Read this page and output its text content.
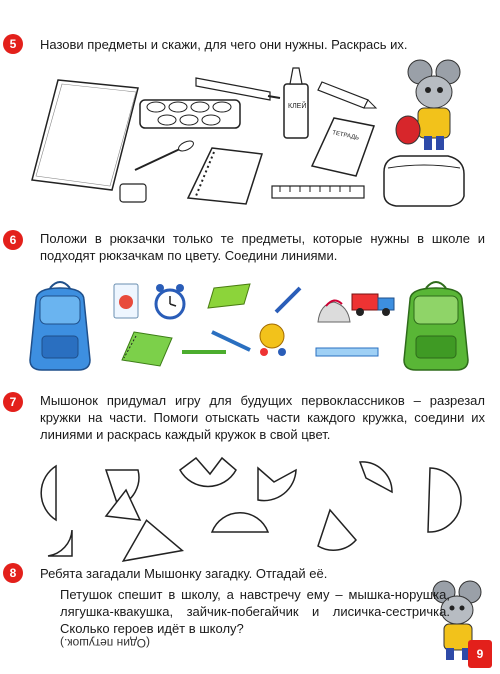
5	Назови предметы и скажи, для чего они нужны. Раскрась их.
КЛЕЙ
ТЕТРАДЬ
6	Положи в рюкзачки только те предметы, которые нужны в школе и подходят рюкзачкам по цвету. Соедини линиями.
7	Мышонок придумал игру для будущих первоклассников – разрезал кружки на части. Помоги отыскать части каждого кружка, соедини их линиями и раскрась каждый кружок в свой цвет.
8	Ребята загадали Мышонку загадку. Отгадай её.
Петушок спешит в школу, а навстречу ему – мышка-норушка, лягушка-квакушка, зайчик-побегайчик и лисичка-сестричка. Сколько героев идёт в школу?
(Один петушок.)
9
